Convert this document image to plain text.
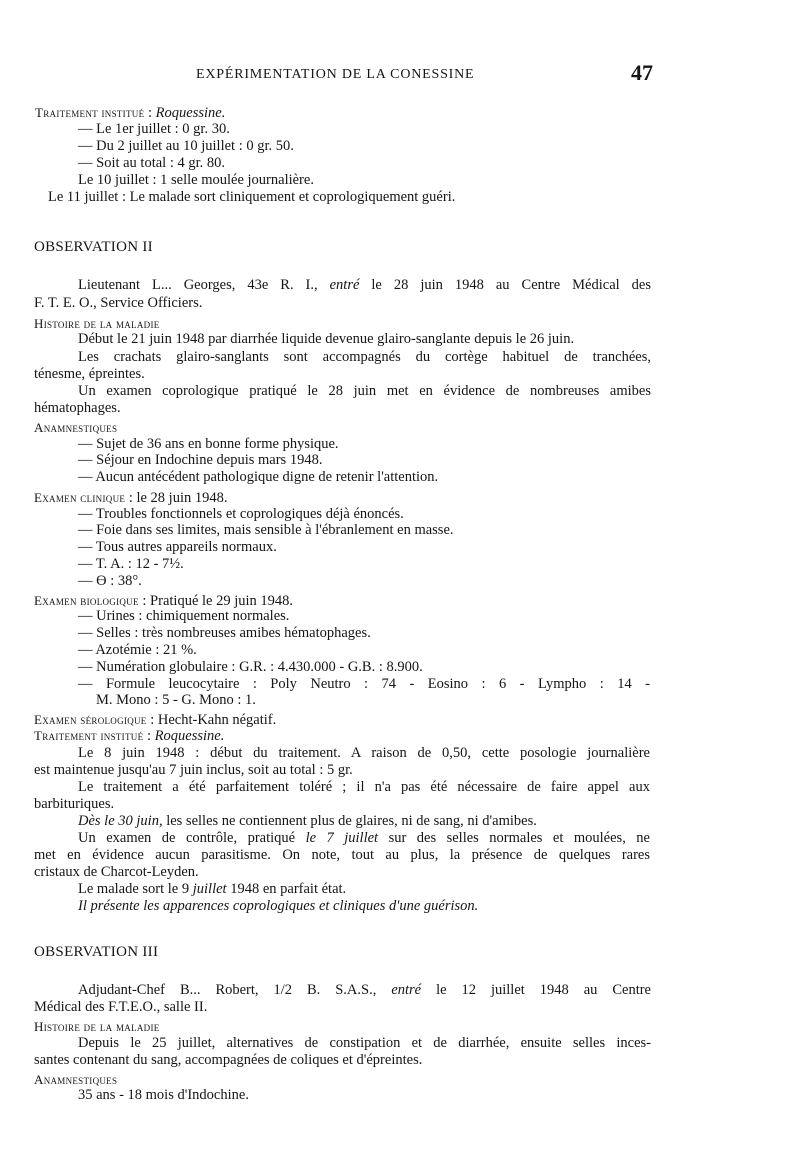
EXPÉRIMENTATION DE LA CONESSINE	47
Traitement institué : Roquessine.
— Le 1er juillet : 0 gr. 30.
— Du 2 juillet au 10 juillet : 0 gr. 50.
— Soit au total : 4 gr. 80.
Le 10 juillet : 1 selle moulée journalière.
Le 11 juillet : Le malade sort cliniquement et coprologiquement guéri.
OBSERVATION II
Lieutenant L... Georges, 43e R. I., entré le 28 juin 1948 au Centre Médical des
F. T. E. O., Service Officiers.
Histoire de la maladie
Début le 21 juin 1948 par diarrhée liquide devenue glairo-sanglante depuis le 26 juin.
Les crachats glairo-sanglants sont accompagnés du cortège habituel de tranchées,
ténesme, épreintes.
Un examen coprologique pratiqué le 28 juin met en évidence de nombreuses amibes
hématophages.
Anamnestiques
— Sujet de 36 ans en bonne forme physique.
— Séjour en Indochine depuis mars 1948.
— Aucun antécédent pathologique digne de retenir l'attention.
Examen clinique : le 28 juin 1948.
— Troubles fonctionnels et coprologiques déjà énoncés.
— Foie dans ses limites, mais sensible à l'ébranlement en masse.
— Tous autres appareils normaux.
— T. A. : 12 - 7½.
— ϴ : 38°.
Examen biologique : Pratiqué le 29 juin 1948.
— Urines : chimiquement normales.
— Selles : très nombreuses amibes hématophages.
— Azotémie : 21 %.
— Numération globulaire : G.R. : 4.430.000 - G.B. : 8.900.
— Formule leucocytaire : Poly Neutro : 74 - Eosino : 6 - Lympho : 14 -
M. Mono : 5 - G. Mono : 1.
Examen sérologique : Hecht-Kahn négatif.
Traitement institué : Roquessine.
Le 8 juin 1948 : début du traitement. A raison de 0,50, cette posologie journalière
est maintenue jusqu'au 7 juin inclus, soit au total : 5 gr.
Le traitement a été parfaitement toléré ; il n'a pas été nécessaire de faire appel aux
barbituriques.
Dès le 30 juin, les selles ne contiennent plus de glaires, ni de sang, ni d'amibes.
Un examen de contrôle, pratiqué le 7 juillet sur des selles normales et moulées, ne
met en évidence aucun parasitisme. On note, tout au plus, la présence de quelques rares
cristaux de Charcot-Leyden.
Le malade sort le 9 juillet 1948 en parfait état.
Il présente les apparences coprologiques et cliniques d'une guérison.
OBSERVATION III
Adjudant-Chef B... Robert, 1/2 B. S.A.S., entré le 12 juillet 1948 au Centre
Médical des F.T.E.O., salle II.
Histoire de la maladie
Depuis le 25 juillet, alternatives de constipation et de diarrhée, ensuite selles inces-
santes contenant du sang, accompagnées de coliques et d'épreintes.
Anamnestiques
35 ans - 18 mois d'Indochine.
